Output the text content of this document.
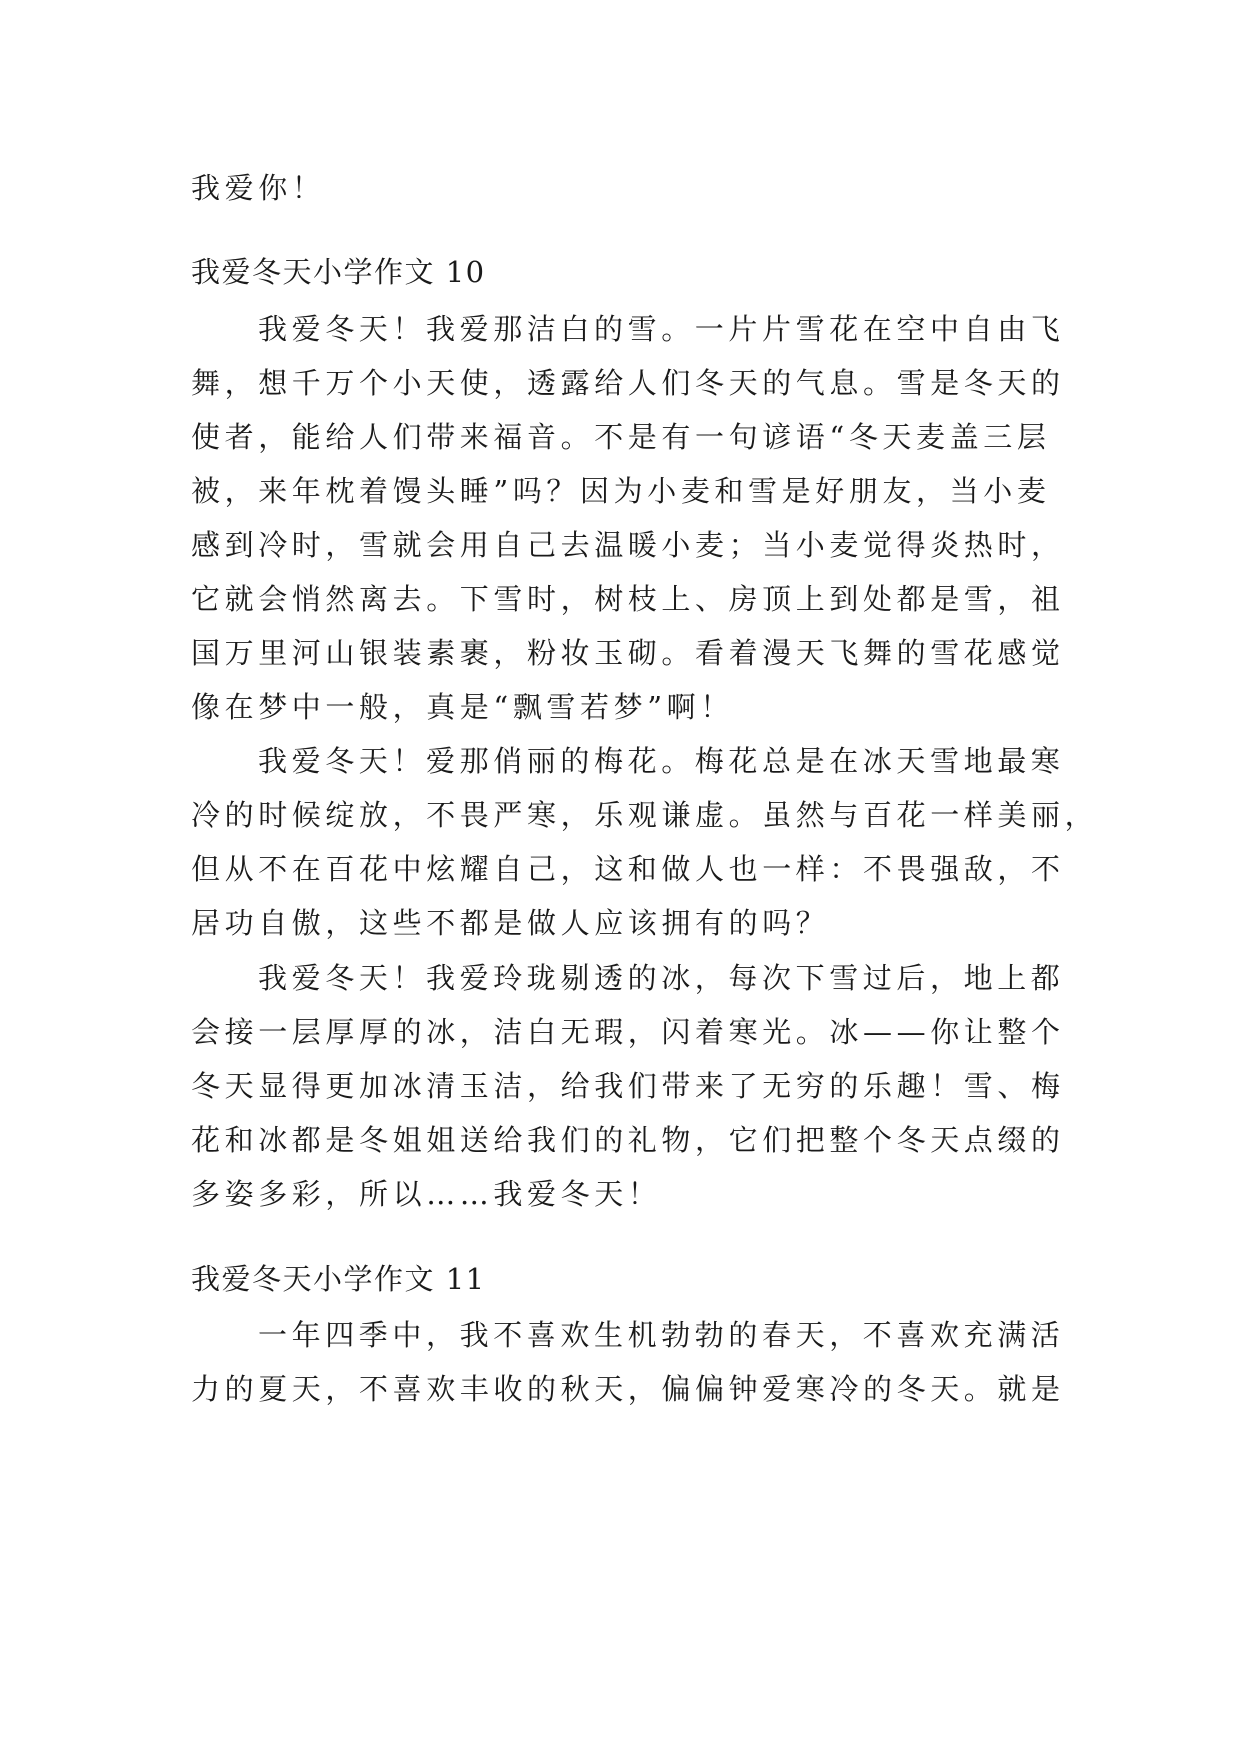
我爱你！
我爱冬天小学作文 10
我爱冬天！我爱那洁白的雪。一片片雪花在空中自由飞
舞，想千万个小天使，透露给人们冬天的气息。雪是冬天的
使者，能给人们带来福音。不是有一句谚语“冬天麦盖三层
被，来年枕着馒头睡”吗？因为小麦和雪是好朋友，当小麦
感到冷时，雪就会用自己去温暖小麦；当小麦觉得炎热时，
它就会悄然离去。下雪时，树枝上、房顶上到处都是雪，祖
国万里河山银装素裹，粉妆玉砌。看着漫天飞舞的雪花感觉
像在梦中一般，真是“飘雪若梦”啊！
我爱冬天！爱那俏丽的梅花。梅花总是在冰天雪地最寒
冷的时候绽放，不畏严寒，乐观谦虚。虽然与百花一样美丽，
但从不在百花中炫耀自己，这和做人也一样：不畏强敌，不
居功自傲，这些不都是做人应该拥有的吗？
我爱冬天！我爱玲珑剔透的冰，每次下雪过后，地上都
会接一层厚厚的冰，洁白无瑕，闪着寒光。冰——你让整个
冬天显得更加冰清玉洁，给我们带来了无穷的乐趣！雪、梅
花和冰都是冬姐姐送给我们的礼物，它们把整个冬天点缀的
多姿多彩，所以……我爱冬天！
我爱冬天小学作文 11
一年四季中，我不喜欢生机勃勃的春天，不喜欢充满活
力的夏天，不喜欢丰收的秋天，偏偏钟爱寒冷的冬天。就是
